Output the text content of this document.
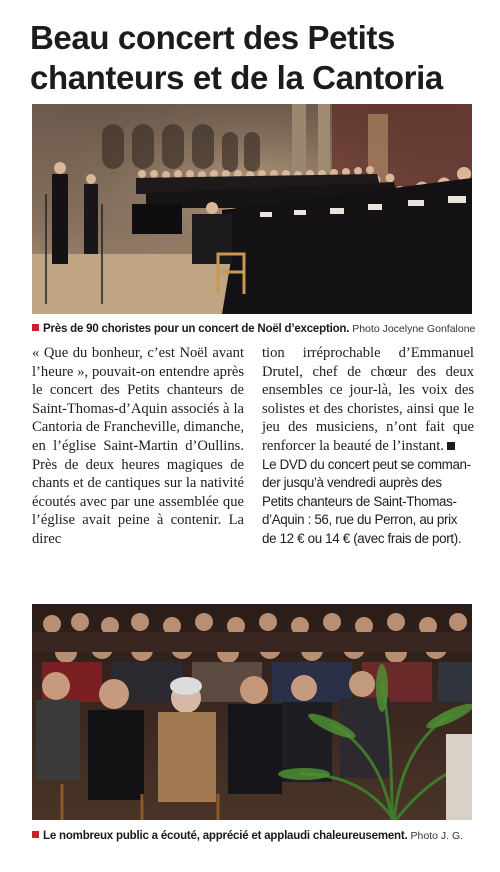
Beau concert des Petits
chanteurs et de la Cantoria
Près de 90 choristes pour un concert de Noël d’exception. Photo Jocelyne Gonfalone

« Que du bonheur, c’est Noël avant l’heure », pouvait-on entendre après le concert des Petits chanteurs de Saint-Thomas-d’Aquin associés à la Cantoria de Francheville, dimanche, en l’église Saint-Martin d’Oullins. Près de deux heures magiques de chants et de cantiques sur la nativité écoutés avec par une assemblée que l’église avait peine à contenir. La direc

tion irréprochable d’Emmanuel Drutel, chef de chœur des deux ensembles ce jour-là, les voix des solistes et des choristes, ainsi que le jeu des musiciens, n’ont fait que renforcer la beauté de l’instant.

Le DVD du concert peut se commander jusqu’à vendredi auprès des Petits chanteurs de Saint-Thomas-d’Aquin : 56, rue du Perron, au prix de 12 € ou 14 € (avec frais de port).

Le nombreux public a écouté, apprécié et applaudi chaleureusement. Photo J. G.
